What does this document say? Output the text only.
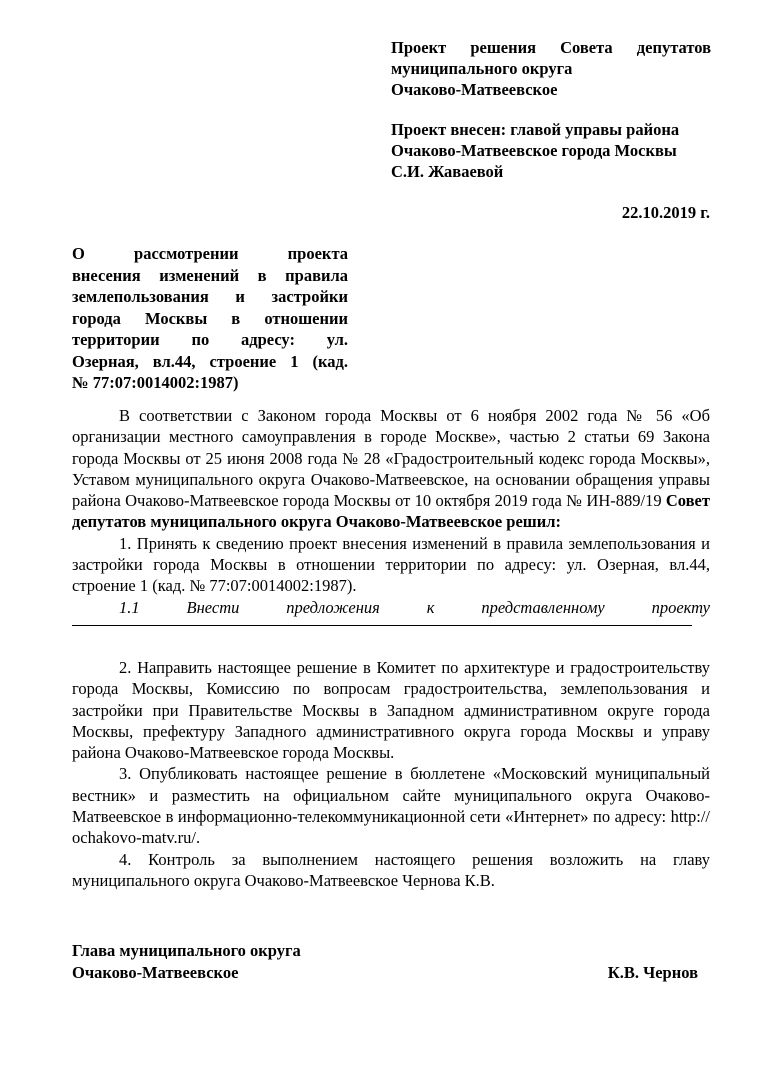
Проект решения Совета депутатов
муниципального округа
Очаково-Матвеевское
Проект внесен: главой управы района
Очаково-Матвеевское города Москвы
С.И. Жаваевой
22.10.2019 г.
О рассмотрении проекта
внесения изменений в правила
землепользования и застройки
города Москвы в отношении
территории по адресу: ул.
Озерная, вл.44, строение 1 (кад.
№ 77:07:0014002:1987)
В соответствии с Законом города Москвы от 6 ноября 2002 года № 56 «Об организации местного самоуправления в городе Москве», частью 2 статьи 69 Закона города Москвы от 25 июня 2008 года № 28 «Градостроительный кодекс города Москвы», Уставом муниципального округа Очаково-Матвеевское, на основании обращения управы района Очаково-Матвеевское города Москвы от 10 октября 2019 года № ИН-889/19 Совет депутатов муниципального округа Очаково-Матвеевское решил:
1. Принять к сведению проект внесения изменений в правила землепользования и застройки города Москвы в отношении территории по адресу: ул. Озерная, вл.44, строение 1 (кад. № 77:07:0014002:1987).
1.1 Внести предложения к представленному проекту
2. Направить настоящее решение в Комитет по архитектуре и градостроительству города Москвы, Комиссию по вопросам градостроительства, землепользования и застройки при Правительстве Москвы в Западном административном округе города Москвы, префектуру Западного административного округа города Москвы и управу района Очаково-Матвеевское города Москвы.
3. Опубликовать настоящее решение в бюллетене «Московский муниципальный вестник» и разместить на официальном сайте муниципального округа Очаково-Матвеевское в информационно-телекоммуникационной сети «Интернет» по адресу: http:// ochakovo-matv.ru/.
4. Контроль за выполнением настоящего решения возложить на главу муниципального округа Очаково-Матвеевское Чернова К.В.
Глава муниципального округа
Очаково-Матвеевское	К.В. Чернов
